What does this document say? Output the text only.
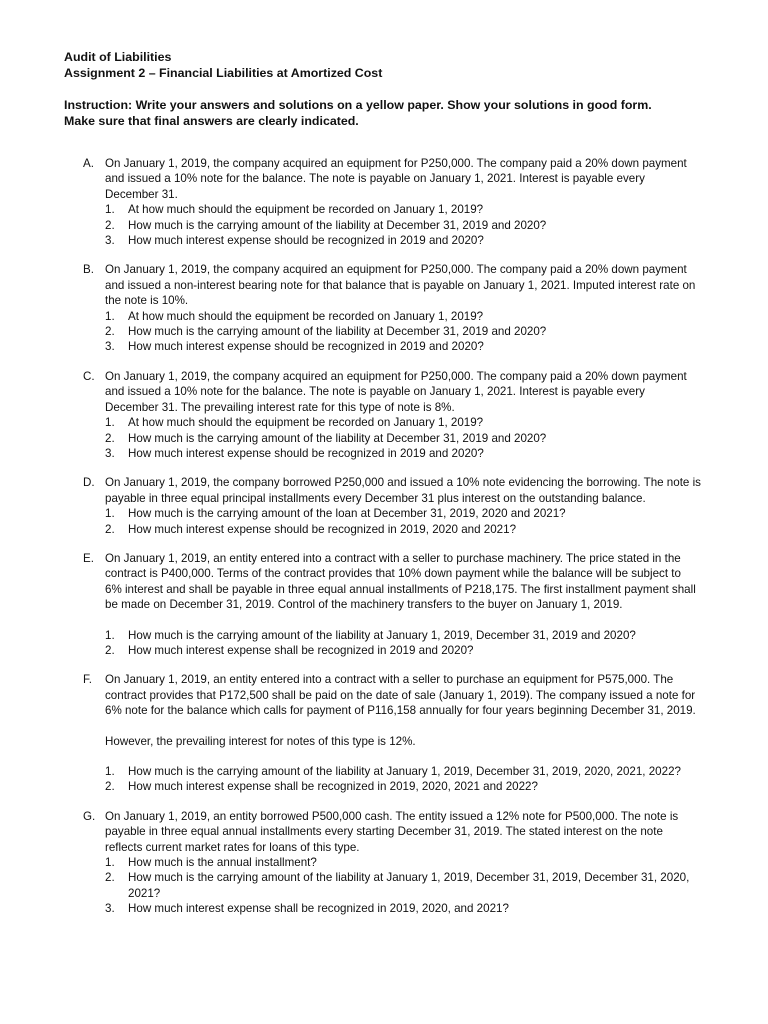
Audit of Liabilities
Assignment 2 – Financial Liabilities at Amortized Cost
Instruction: Write your answers and solutions on a yellow paper. Show your solutions in good form.
Make sure that final answers are clearly indicated.
A. On January 1, 2019, the company acquired an equipment for P250,000. The company paid a 20% down payment
and issued a 10% note for the balance. The note is payable on January 1, 2021. Interest is payable every
December 31.
1. At how much should the equipment be recorded on January 1, 2019?
2. How much is the carrying amount of the liability at December 31, 2019 and 2020?
3. How much interest expense should be recognized in 2019 and 2020?
B. On January 1, 2019, the company acquired an equipment for P250,000. The company paid a 20% down payment
and issued a non-interest bearing note for that balance that is payable on January 1, 2021. Imputed interest rate on
the note is 10%.
1. At how much should the equipment be recorded on January 1, 2019?
2. How much is the carrying amount of the liability at December 31, 2019 and 2020?
3. How much interest expense should be recognized in 2019 and 2020?
C. On January 1, 2019, the company acquired an equipment for P250,000. The company paid a 20% down payment
and issued a 10% note for the balance. The note is payable on January 1, 2021. Interest is payable every
December 31. The prevailing interest rate for this type of note is 8%.
1. At how much should the equipment be recorded on January 1, 2019?
2. How much is the carrying amount of the liability at December 31, 2019 and 2020?
3. How much interest expense should be recognized in 2019 and 2020?
D. On January 1, 2019, the company borrowed P250,000 and issued a 10% note evidencing the borrowing. The note is
payable in three equal principal installments every December 31 plus interest on the outstanding balance.
1. How much is the carrying amount of the loan at December 31, 2019, 2020 and 2021?
2. How much interest expense should be recognized in 2019, 2020 and 2021?
E. On January 1, 2019, an entity entered into a contract with a seller to purchase machinery. The price stated in the
contract is P400,000. Terms of the contract provides that 10% down payment while the balance will be subject to
6% interest and shall be payable in three equal annual installments of P218,175. The first installment payment shall
be made on December 31, 2019. Control of the machinery transfers to the buyer on January 1, 2019.
1. How much is the carrying amount of the liability at January 1, 2019, December 31, 2019 and 2020?
2. How much interest expense shall be recognized in 2019 and 2020?
F. On January 1, 2019, an entity entered into a contract with a seller to purchase an equipment for P575,000. The
contract provides that P172,500 shall be paid on the date of sale (January 1, 2019). The company issued a note for
6% note for the balance which calls for payment of P116,158 annually for four years beginning December 31, 2019.
However, the prevailing interest for notes of this type is 12%.
1. How much is the carrying amount of the liability at January 1, 2019, December 31, 2019, 2020, 2021, 2022?
2. How much interest expense shall be recognized in 2019, 2020, 2021 and 2022?
G. On January 1, 2019, an entity borrowed P500,000 cash. The entity issued a 12% note for P500,000. The note is
payable in three equal annual installments every starting December 31, 2019. The stated interest on the note
reflects current market rates for loans of this type.
1. How much is the annual installment?
2. How much is the carrying amount of the liability at January 1, 2019, December 31, 2019, December 31, 2020,
2021?
3. How much interest expense shall be recognized in 2019, 2020, and 2021?
